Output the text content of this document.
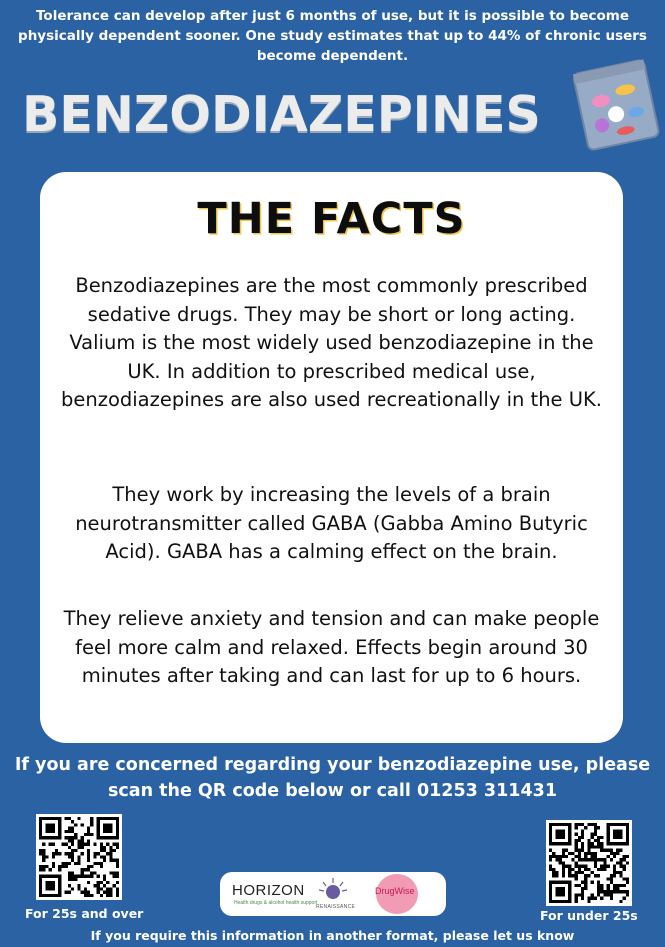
Tolerance can develop after just 6 months of use, but it is possible to become physically dependent sooner. One study estimates that up to 44% of chronic users become dependent.
BENZODIAZEPINES
THE FACTS

Benzodiazepines are the most commonly prescribed sedative drugs. They may be short or long acting. Valium is the most widely used benzodiazepine in the UK. In addition to prescribed medical use, benzodiazepines are also used recreationally in the UK.

They work by increasing the levels of a brain neurotransmitter called GABA (Gabba Amino Butyric Acid). GABA has a calming effect on the brain.

They relieve anxiety and tension and can make people feel more calm and relaxed. Effects begin around 30 minutes after taking and can last for up to 6 hours.

If you are concerned regarding your benzodiazepine use, please scan the QR code below or call 01253 311431
For 25s and over	For under 25s
HORIZON
Health drugs & alcohol health support
RENAISSANCE
DrugWise
If you require this information in another format, please let us know
